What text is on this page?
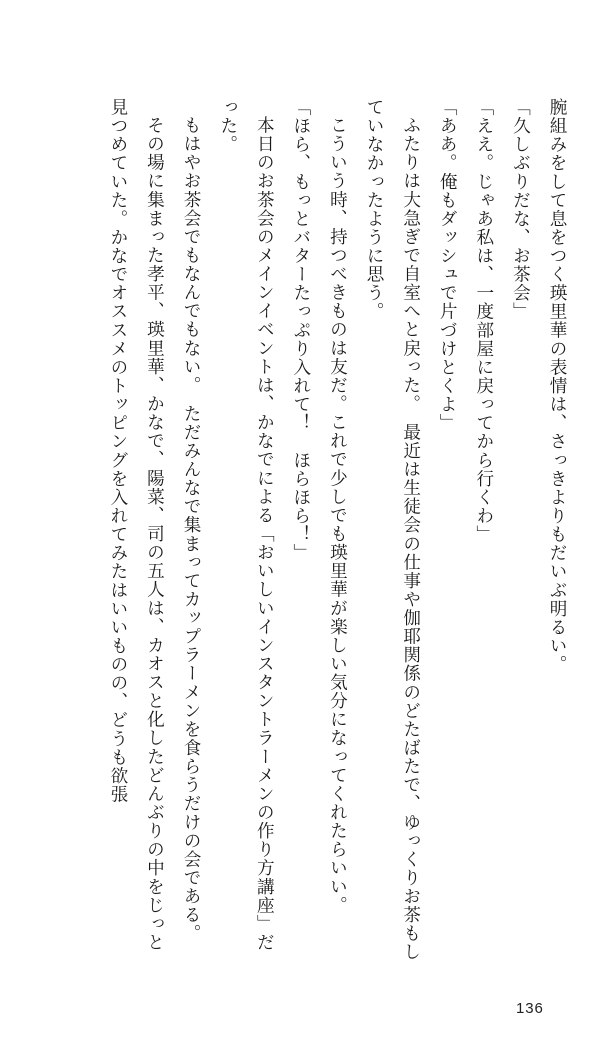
腕組みをして息をつく瑛里華の表情は、さっきよりもだいぶ明るい。

「久しぶりだな、お茶会」

「ええ。じゃあ私は、一度部屋に戻ってから行くわ」

「ああ。俺もダッシュで片づけとくよ」

ふたりは大急ぎで自室へと戻った。　最近は生徒会の仕事や伽耶関係のどたばたで、ゆっくりお茶もしていなかったように思う。

こういう時、持つべきものは友だ。これで少しでも瑛里華が楽しい気分になってくれたらいい。

「ほら、もっとバターたっぷり入れて！　ほらほら！」

本日のお茶会のメインイベントは、かなでによる「おいしいインスタントラーメンの作り方講座」だった。

もはやお茶会でもなんでもない。　ただみんなで集まってカップラーメンを食らうだけの会である。

その場に集まった孝平、瑛里華、かなで、陽菜、司の五人は、カオスと化したどんぶりの中をじっと見つめていた。かなでオススメのトッピングを入れてみたはいいものの、どうも欲張

136
